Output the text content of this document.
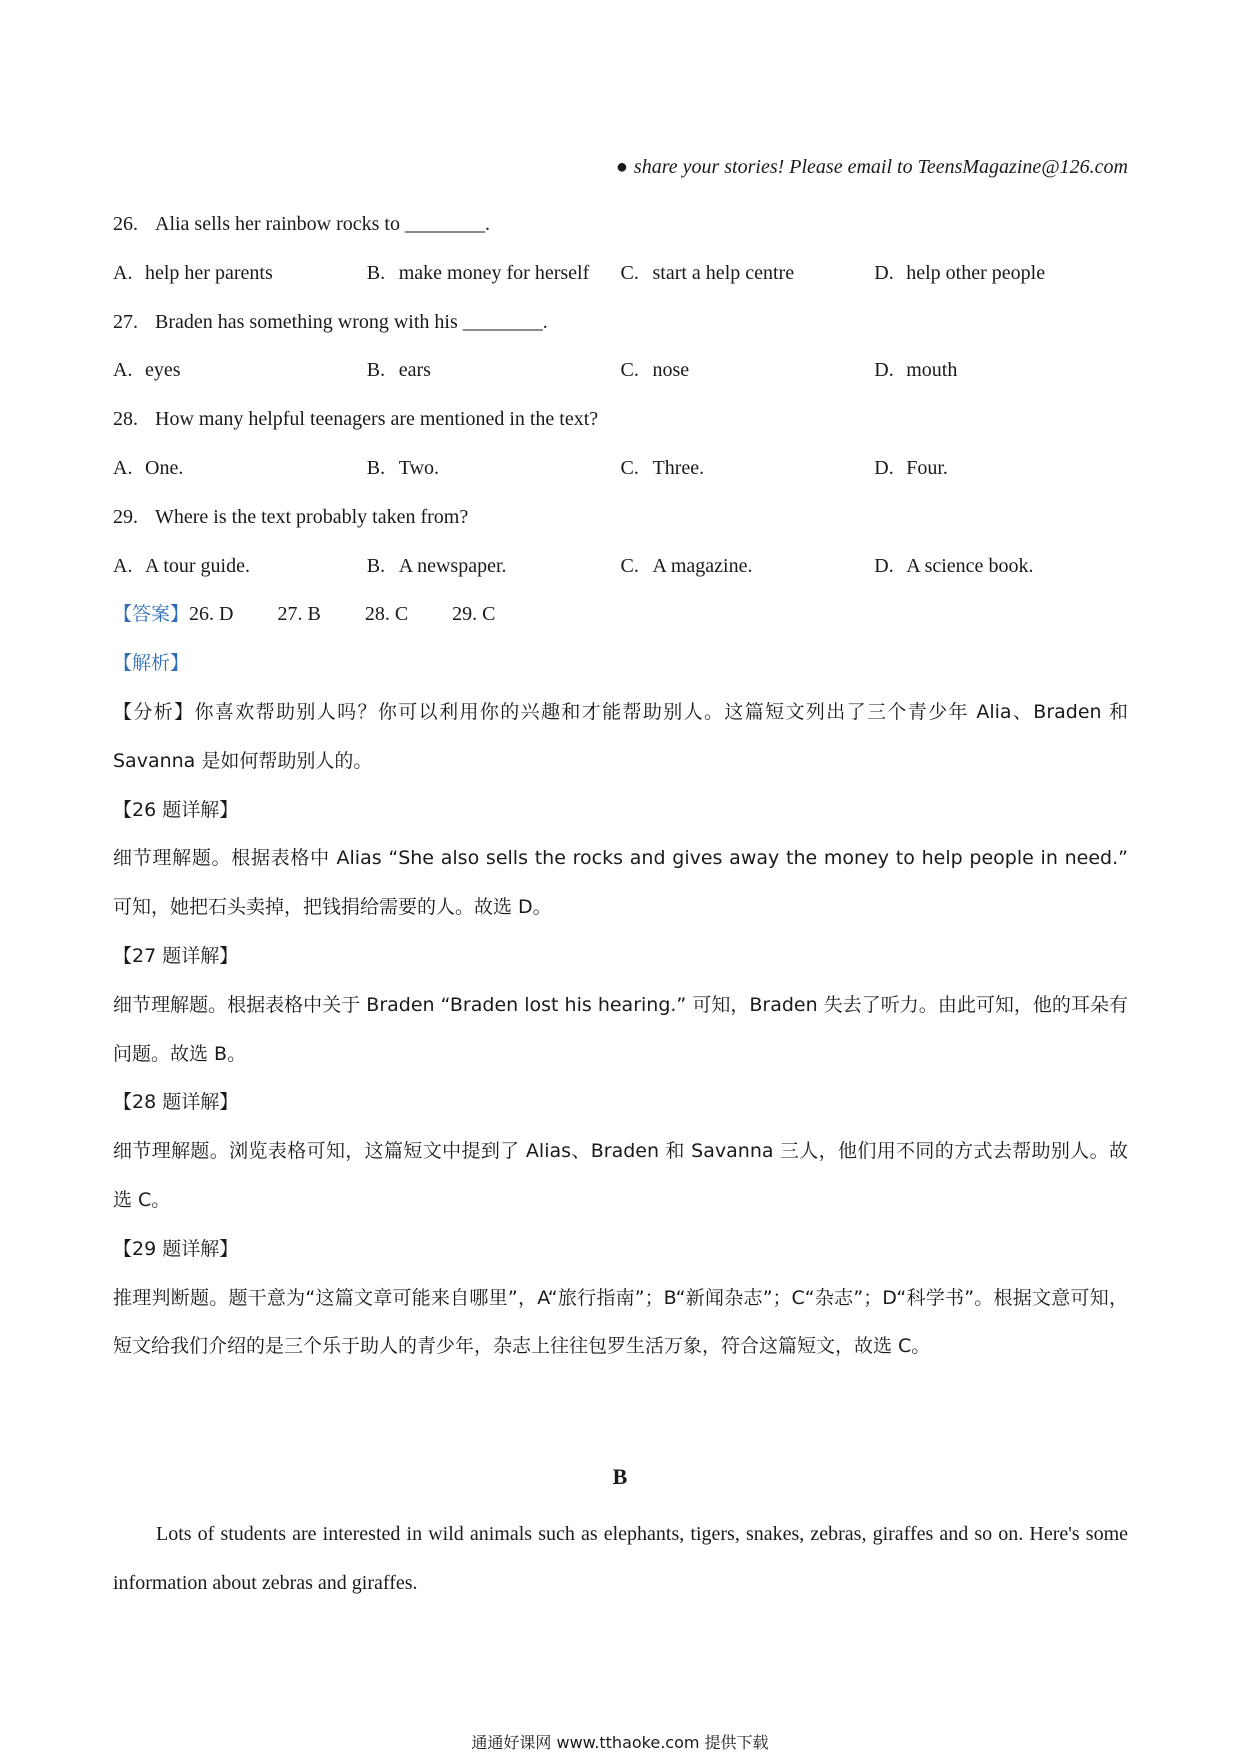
● share your stories! Please email to TeensMagazine@126.com
26. Alia sells her rainbow rocks to ________.
A. help her parents	B. make money for herself	C. start a help centre	D. help other people
27. Braden has something wrong with his ________.
A. eyes	B. ears	C. nose	D. mouth
28. How many helpful teenagers are mentioned in the text?
A. One.	B. Two.	C. Three.	D. Four.
29. Where is the text probably taken from?
A. A tour guide.	B. A newspaper.	C. A magazine.	D. A science book.
【答案】26. D 27. B 28. C 29. C
【解析】
【分析】你喜欢帮助别人吗？你可以利用你的兴趣和才能帮助别人。这篇短文列出了三个青少年 Alia、Braden 和 Savanna 是如何帮助别人的。
【26 题详解】
细节理解题。根据表格中 Alias “She also sells the rocks and gives away the money to help people in need.” 可知，她把石头卖掉，把钱捐给需要的人。故选 D。
【27 题详解】
细节理解题。根据表格中关于 Braden “Braden lost his hearing.” 可知，Braden 失去了听力。由此可知，他的耳朵有问题。故选 B。
【28 题详解】
细节理解题。浏览表格可知，这篇短文中提到了 Alias、Braden 和 Savanna 三人，他们用不同的方式去帮助别人。故选 C。
【29 题详解】
推理判断题。题干意为“这篇文章可能来自哪里”，A“旅行指南”；B“新闻杂志”；C“杂志”；D“科学书”。根据文意可知，短文给我们介绍的是三个乐于助人的青少年，杂志上往往包罗生活万象，符合这篇短文，故选 C。
B
Lots of students are interested in wild animals such as elephants, tigers, snakes, zebras, giraffes and so on. Here's some information about zebras and giraffes.
通通好课网 www.tthaoke.com 提供下载
